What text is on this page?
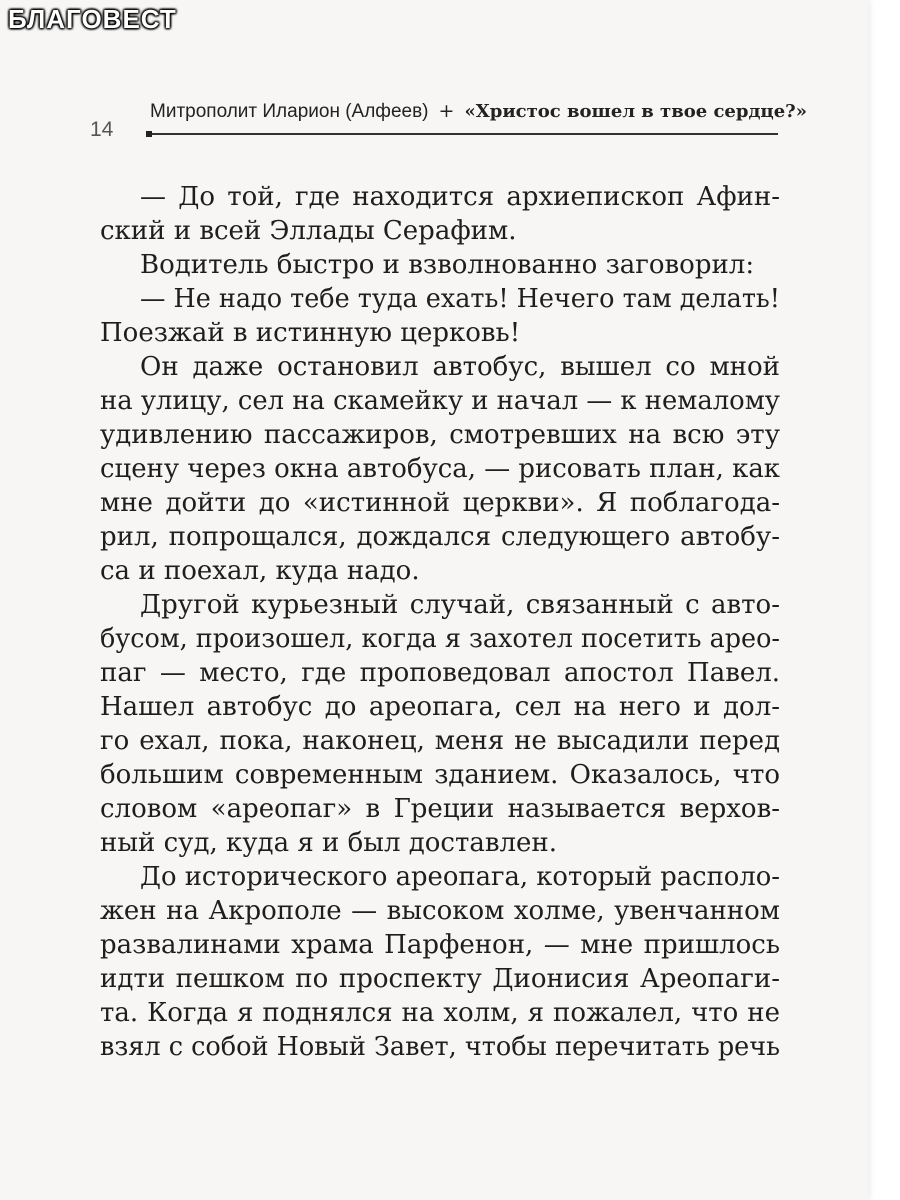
14
Митрополит Иларион (Алфеев) + «Христос вошел в твое сердце?»
— До той, где находится архиепископ Афин-
ский и всей Эллады Серафим.
Водитель быстро и взволнованно заговорил:
— Не надо тебе туда ехать! Нечего там делать!
Поезжай в истинную церковь!
Он даже остановил автобус, вышел со мной
на улицу, сел на скамейку и начал — к немалому
удивлению пассажиров, смотревших на всю эту
сцену через окна автобуса, — рисовать план, как
мне дойти до «истинной церкви». Я поблагода-
рил, попрощался, дождался следующего автобу-
са и поехал, куда надо.
Другой курьезный случай, связанный с авто-
бусом, произошел, когда я захотел посетить арео-
паг — место, где проповедовал апостол Павел.
Нашел автобус до ареопага, сел на него и дол-
го ехал, пока, наконец, меня не высадили перед
большим современным зданием. Оказалось, что
словом «ареопаг» в Греции называется верхов-
ный суд, куда я и был доставлен.
До исторического ареопага, который располо-
жен на Акрополе — высоком холме, увенчанном
развалинами храма Парфенон, — мне пришлось
идти пешком по проспекту Дионисия Ареопаги-
та. Когда я поднялся на холм, я пожалел, что не
взял с собой Новый Завет, чтобы перечитать речь
БЛАГОВЕСТ
